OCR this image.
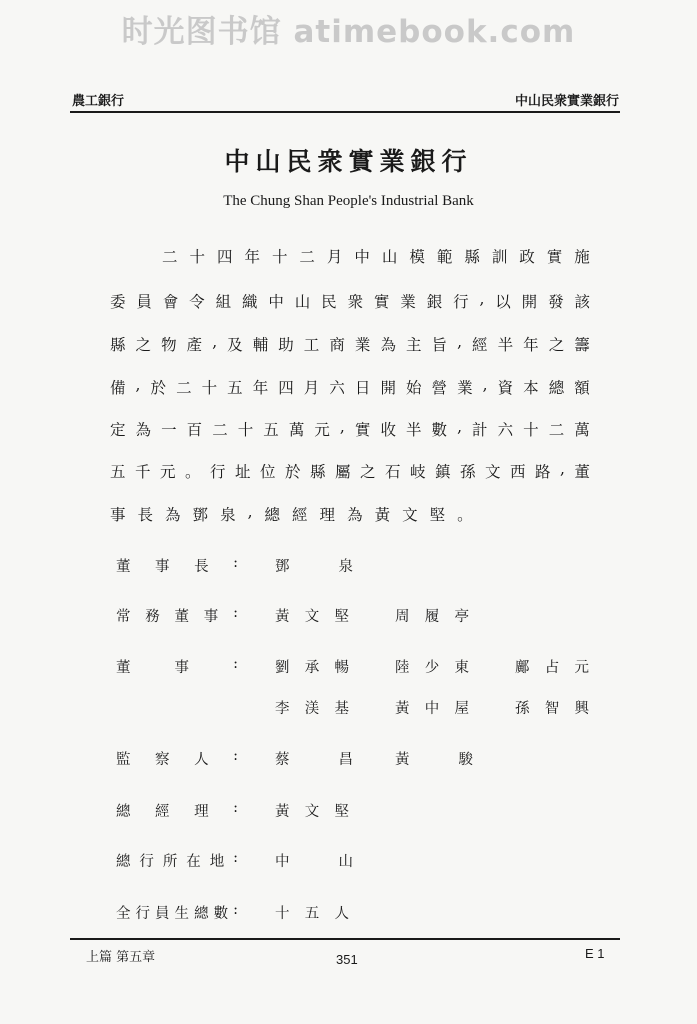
时光图书馆 atimebook.com
農工銀行	中山民衆實業銀行
中山民衆實業銀行
The Chung Shan People's Industrial Bank
二 十 四 年 十 二 月 中 山 模 範 縣 訓 政 實 施
委 員 會 令 組 織 中 山 民 衆 實 業 銀 行 , 以 開 發 該
縣 之 物 產 , 及 輔 助 工 商 業 為 主 旨 , 經 半 年 之 籌
備 , 於 二 十 五 年 四 月 六 日 開 始 營 業 , 資 本 總 額
定 為 一 百 二 十 五 萬 元 , 實 收 半 數 , 計 六 十 二 萬
五 千 元 。 行 址 位 於 縣 屬 之 石 岐 鎮 孫 文 西 路 , 董
事 長 為 鄧 泉 , 總 經 理 為 黃 文 堅 。
董 事 長 :	鄧	泉
常 務 董 事 :	黃 文 堅	周 履 亭
董	事	:	劉 承 暢	陸 少 東	鄺 占 元
李 渼 基	黃 中 屋	孫 智 興
監 察 人 :	蔡	昌	黃	駿
總 經 理 :	黃 文 堅
總 行 所 在 地 :	中	山
全 行 員 生 總 數 :	十 五 人
上篇 第五章	351	E 1
